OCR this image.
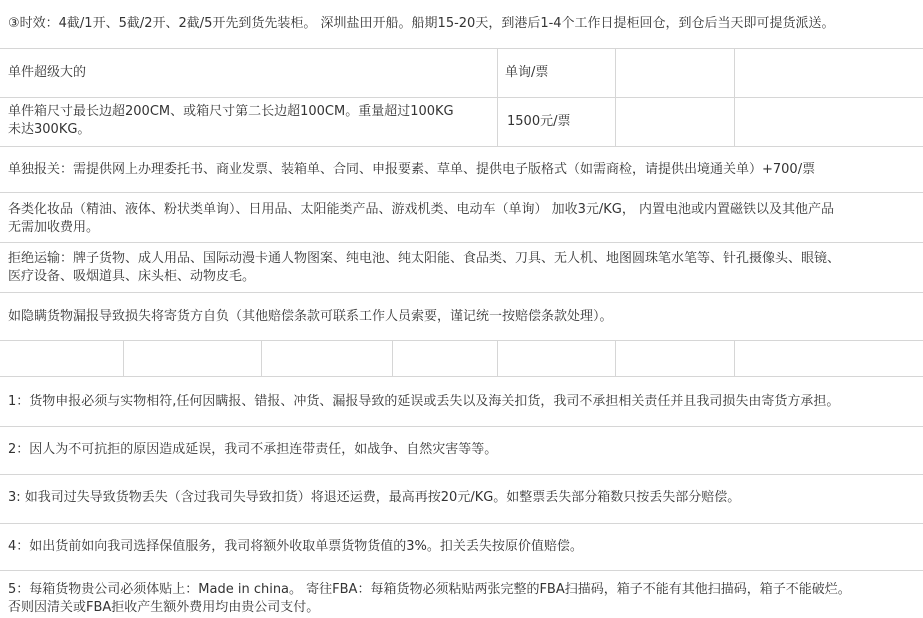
③时效：4截/1开、5截/2开、2截/5开先到货先装柜。 深圳盐田开船。船期15-20天，到港后1-4个工作日提柜回仓，到仓后当天即可提货派送。
单件超级大的	单询/票
单件箱尺寸最长边超200CM、或箱尺寸第二长边超100CM。重量超过100KG
未达300KG。
1500元/票
单独报关：需提供网上办理委托书、商业发票、装箱单、合同、申报要素、草单、提供电子版格式（如需商检，请提供出境通关单）+700/票
各类化妆品（精油、液体、粉状类单询）、日用品、太阳能类产品、游戏机类、电动车（单询） 加收3元/KG， 内置电池或内置磁铁以及其他产品
无需加收费用。
拒绝运输：牌子货物、成人用品、国际动漫卡通人物图案、纯电池、纯太阳能、食品类、刀具、无人机、地图圆珠笔水笔等、针孔摄像头、眼镜、
医疗设备、吸烟道具、床头柜、动物皮毛。
如隐瞒货物漏报导致损失将寄货方自负（其他赔偿条款可联系工作人员索要，谨记统一按赔偿条款处理）。
1：货物申报必须与实物相符,任何因瞒报、错报、冲货、漏报导致的延误或丢失以及海关扣货，我司不承担相关责任并且我司损失由寄货方承担。
2：因人为不可抗拒的原因造成延误，我司不承担连带责任，如战争、自然灾害等等。
3: 如我司过失导致货物丢失（含过我司失导致扣货）将退还运费，最高再按20元/KG。如整票丢失部分箱数只按丢失部分赔偿。
4：如出货前如向我司选择保值服务，我司将额外收取单票货物货值的3%。扣关丢失按原价值赔偿。
5：每箱货物贵公司必须体贴上：Made in china。 寄往FBA：每箱货物必须粘贴两张完整的FBA扫描码，箱子不能有其他扫描码，箱子不能破烂。
否则因清关或FBA拒收产生额外费用均由贵公司支付。
